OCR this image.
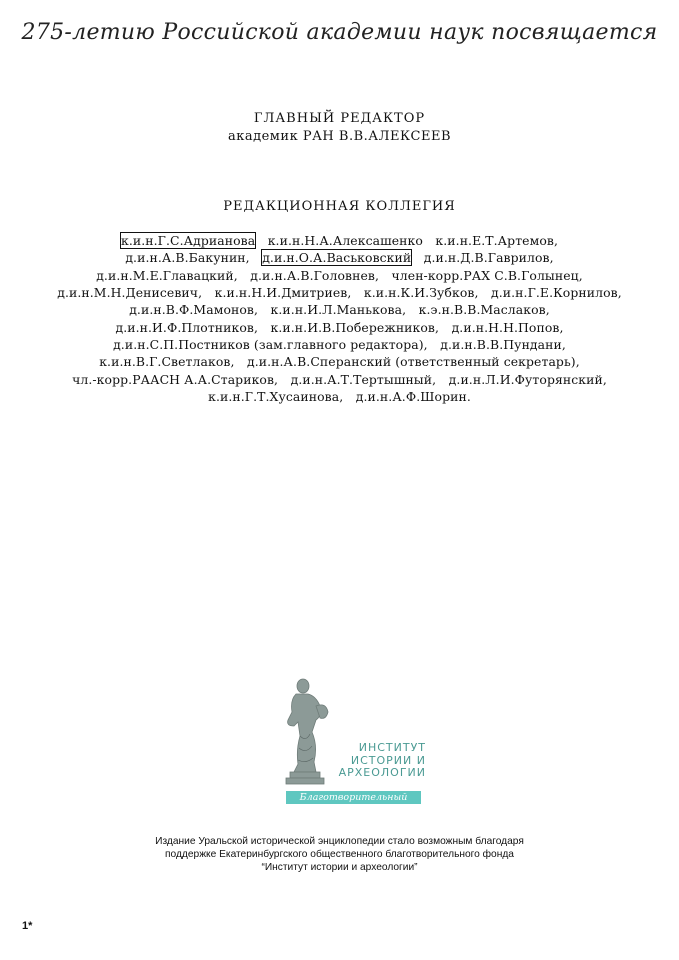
275-летию Российской академии наук посвящается
ГЛАВНЫЙ РЕДАКТОР
академик РАН В.В.АЛЕКСЕЕВ
РЕДАКЦИОННАЯ КОЛЛЕГИЯ
к.и.н.Г.С.Адрианова  к.и.н.Н.А.Алексашенко  к.и.н.Е.Т.Артемов,
д.и.н.А.В.Бакунин,  д.и.н.О.А.Васьковский  д.и.н.Д.В.Гаврилов,
д.и.н.М.Е.Главацкий,  д.и.н.А.В.Головнев,  член-корр.РАХ С.В.Голынец,
д.и.н.М.Н.Денисевич,  к.и.н.Н.И.Дмитриев,  к.и.н.К.И.Зубков,  д.и.н.Г.Е.Корнилов,
д.и.н.В.Ф.Мамонов,  к.и.н.И.Л.Манькова,  к.э.н.В.В.Маслаков,
д.и.н.И.Ф.Плотников,  к.и.н.И.В.Побережников,  д.и.н.Н.Н.Попов,
д.и.н.С.П.Постников (зам.главного редактора),  д.и.н.В.В.Пундани,
к.и.н.В.Г.Светлаков,  д.и.н.А.В.Сперанский (ответственный секретарь),
чл.-корр.РААСН А.А.Стариков,  д.и.н.А.Т.Тертышный,  д.и.н.Л.И.Футорянский,
к.и.н.Г.Т.Хусаинова,  д.и.н.А.Ф.Шорин.
ИНСТИТУТ
ИСТОРИИ И
АРХЕОЛОГИИ
Благотворительный фонд
Издание Уральской исторической энциклопедии стало возможным благодаря
поддержке Екатеринбургского общественного благотворительного фонда
“Институт истории и археологии”
1*
